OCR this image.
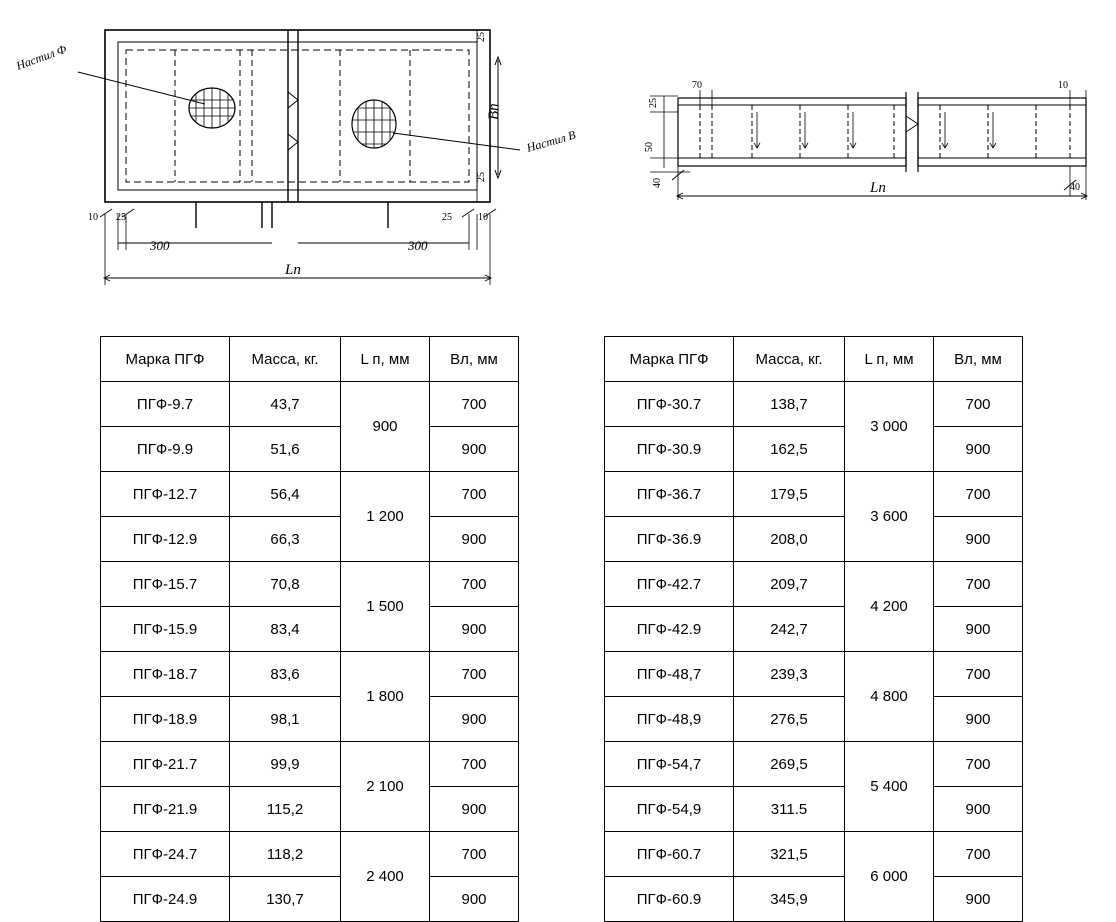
Настил Ф
Настил В
Bп
Lп
Lп
300	300
10 25	25	10
25
25
25
50
40
70	10
40
Марка ПГФ	Масса, кг.	L п, мм	Вл, мм
ПГФ-9.7	43,7	900	700
ПГФ-9.9	51,6		900
ПГФ-12.7	56,4	1 200	700
ПГФ-12.9	66,3		900
ПГФ-15.7	70,8	1 500	700
ПГФ-15.9	83,4		900
ПГФ-18.7	83,6	1 800	700
ПГФ-18.9	98,1		900
ПГФ-21.7	99,9	2 100	700
ПГФ-21.9	115,2		900
ПГФ-24.7	118,2	2 400	700
ПГФ-24.9	130,7		900
Марка ПГФ	Масса, кг.	L п, мм	Вл, мм
ПГФ-30.7	138,7	3 000	700
ПГФ-30.9	162,5		900
ПГФ-36.7	179,5	3 600	700
ПГФ-36.9	208,0		900
ПГФ-42.7	209,7	4 200	700
ПГФ-42.9	242,7		900
ПГФ-48,7	239,3	4 800	700
ПГФ-48,9	276,5		900
ПГФ-54,7	269,5	5 400	700
ПГФ-54,9	311.5		900
ПГФ-60.7	321,5	6 000	700
ПГФ-60.9	345,9		900
